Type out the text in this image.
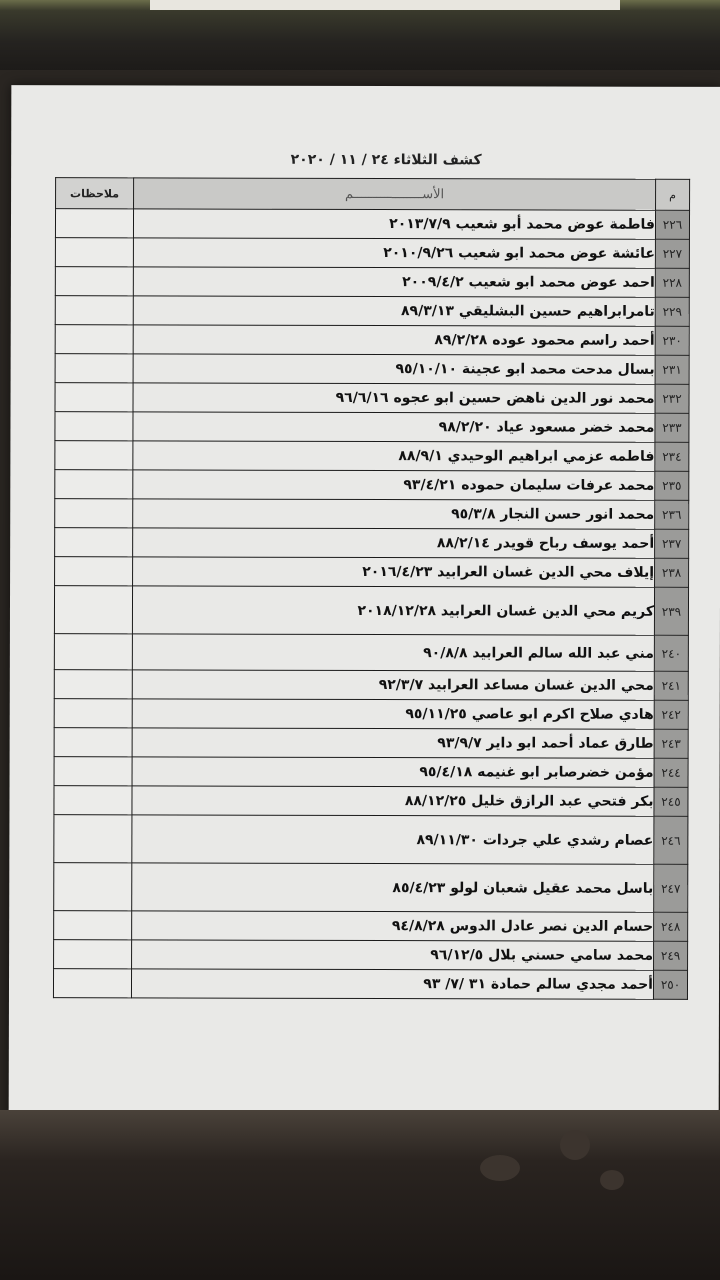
كشف الثلاثاء ٢٤ / ١١ / ٢٠٢٠
م	الأســــــــــــــــــم	ملاحظات
٢٢٦	فاطمة عوض محمد أبو شعيب ٢٠١٣/٧/٩	
٢٢٧	عائشة عوض محمد ابو شعيب ٢٠١٠/٩/٢٦	
٢٢٨	احمد عوض محمد ابو شعيب ٢٠٠٩/٤/٢	
٢٢٩	تامرابراهيم حسين البشليقي ٨٩/٣/١٣	
٢٣٠	أحمد راسم محمود عوده ٨٩/٢/٢٨	
٢٣١	بسال مدحت محمد ابو عجينة ٩٥/١٠/١٠	
٢٣٢	محمد نور الدين ناهض حسين ابو عجوه ٩٦/٦/١٦	
٢٣٣	محمد خضر مسعود عياد ٩٨/٢/٢٠	
٢٣٤	فاطمه عزمي ابراهيم الوحيدي ٨٨/٩/١	
٢٣٥	محمد عرفات سليمان حموده ٩٣/٤/٢١	
٢٣٦	محمد انور حسن النجار ٩٥/٣/٨	
٢٣٧	أحمد يوسف رباح قويدر ٨٨/٢/١٤	
٢٣٨	إيلاف محي الدين غسان العرابيد ٢٠١٦/٤/٢٣	
٢٣٩	كريم محي الدين غسان العرابيد ٢٠١٨/١٢/٢٨	
٢٤٠	مني عبد الله سالم العرابيد ٩٠/٨/٨	
٢٤١	محي الدين غسان مساعد العرابيد ٩٢/٣/٧	
٢٤٢	هادي صلاح اكرم ابو عاصي ٩٥/١١/٢٥	
٢٤٣	طارق عماد أحمد ابو داير ٩٣/٩/٧	
٢٤٤	مؤمن خضرصابر ابو غنيمه ٩٥/٤/١٨	
٢٤٥	بكر فتحي عبد الرازق خليل ٨٨/١٢/٢٥	
٢٤٦	عصام رشدي علي جردات ٨٩/١١/٣٠	
٢٤٧	باسل محمد عقيل شعبان لولو ٨٥/٤/٢٣	
٢٤٨	حسام الدين نصر عادل الدوس ٩٤/٨/٢٨	
٢٤٩	محمد سامي حسني بلال ٩٦/١٢/٥	
٢٥٠	أحمد مجدي سالم حمادة ٣١ /٧/ ٩٣	
